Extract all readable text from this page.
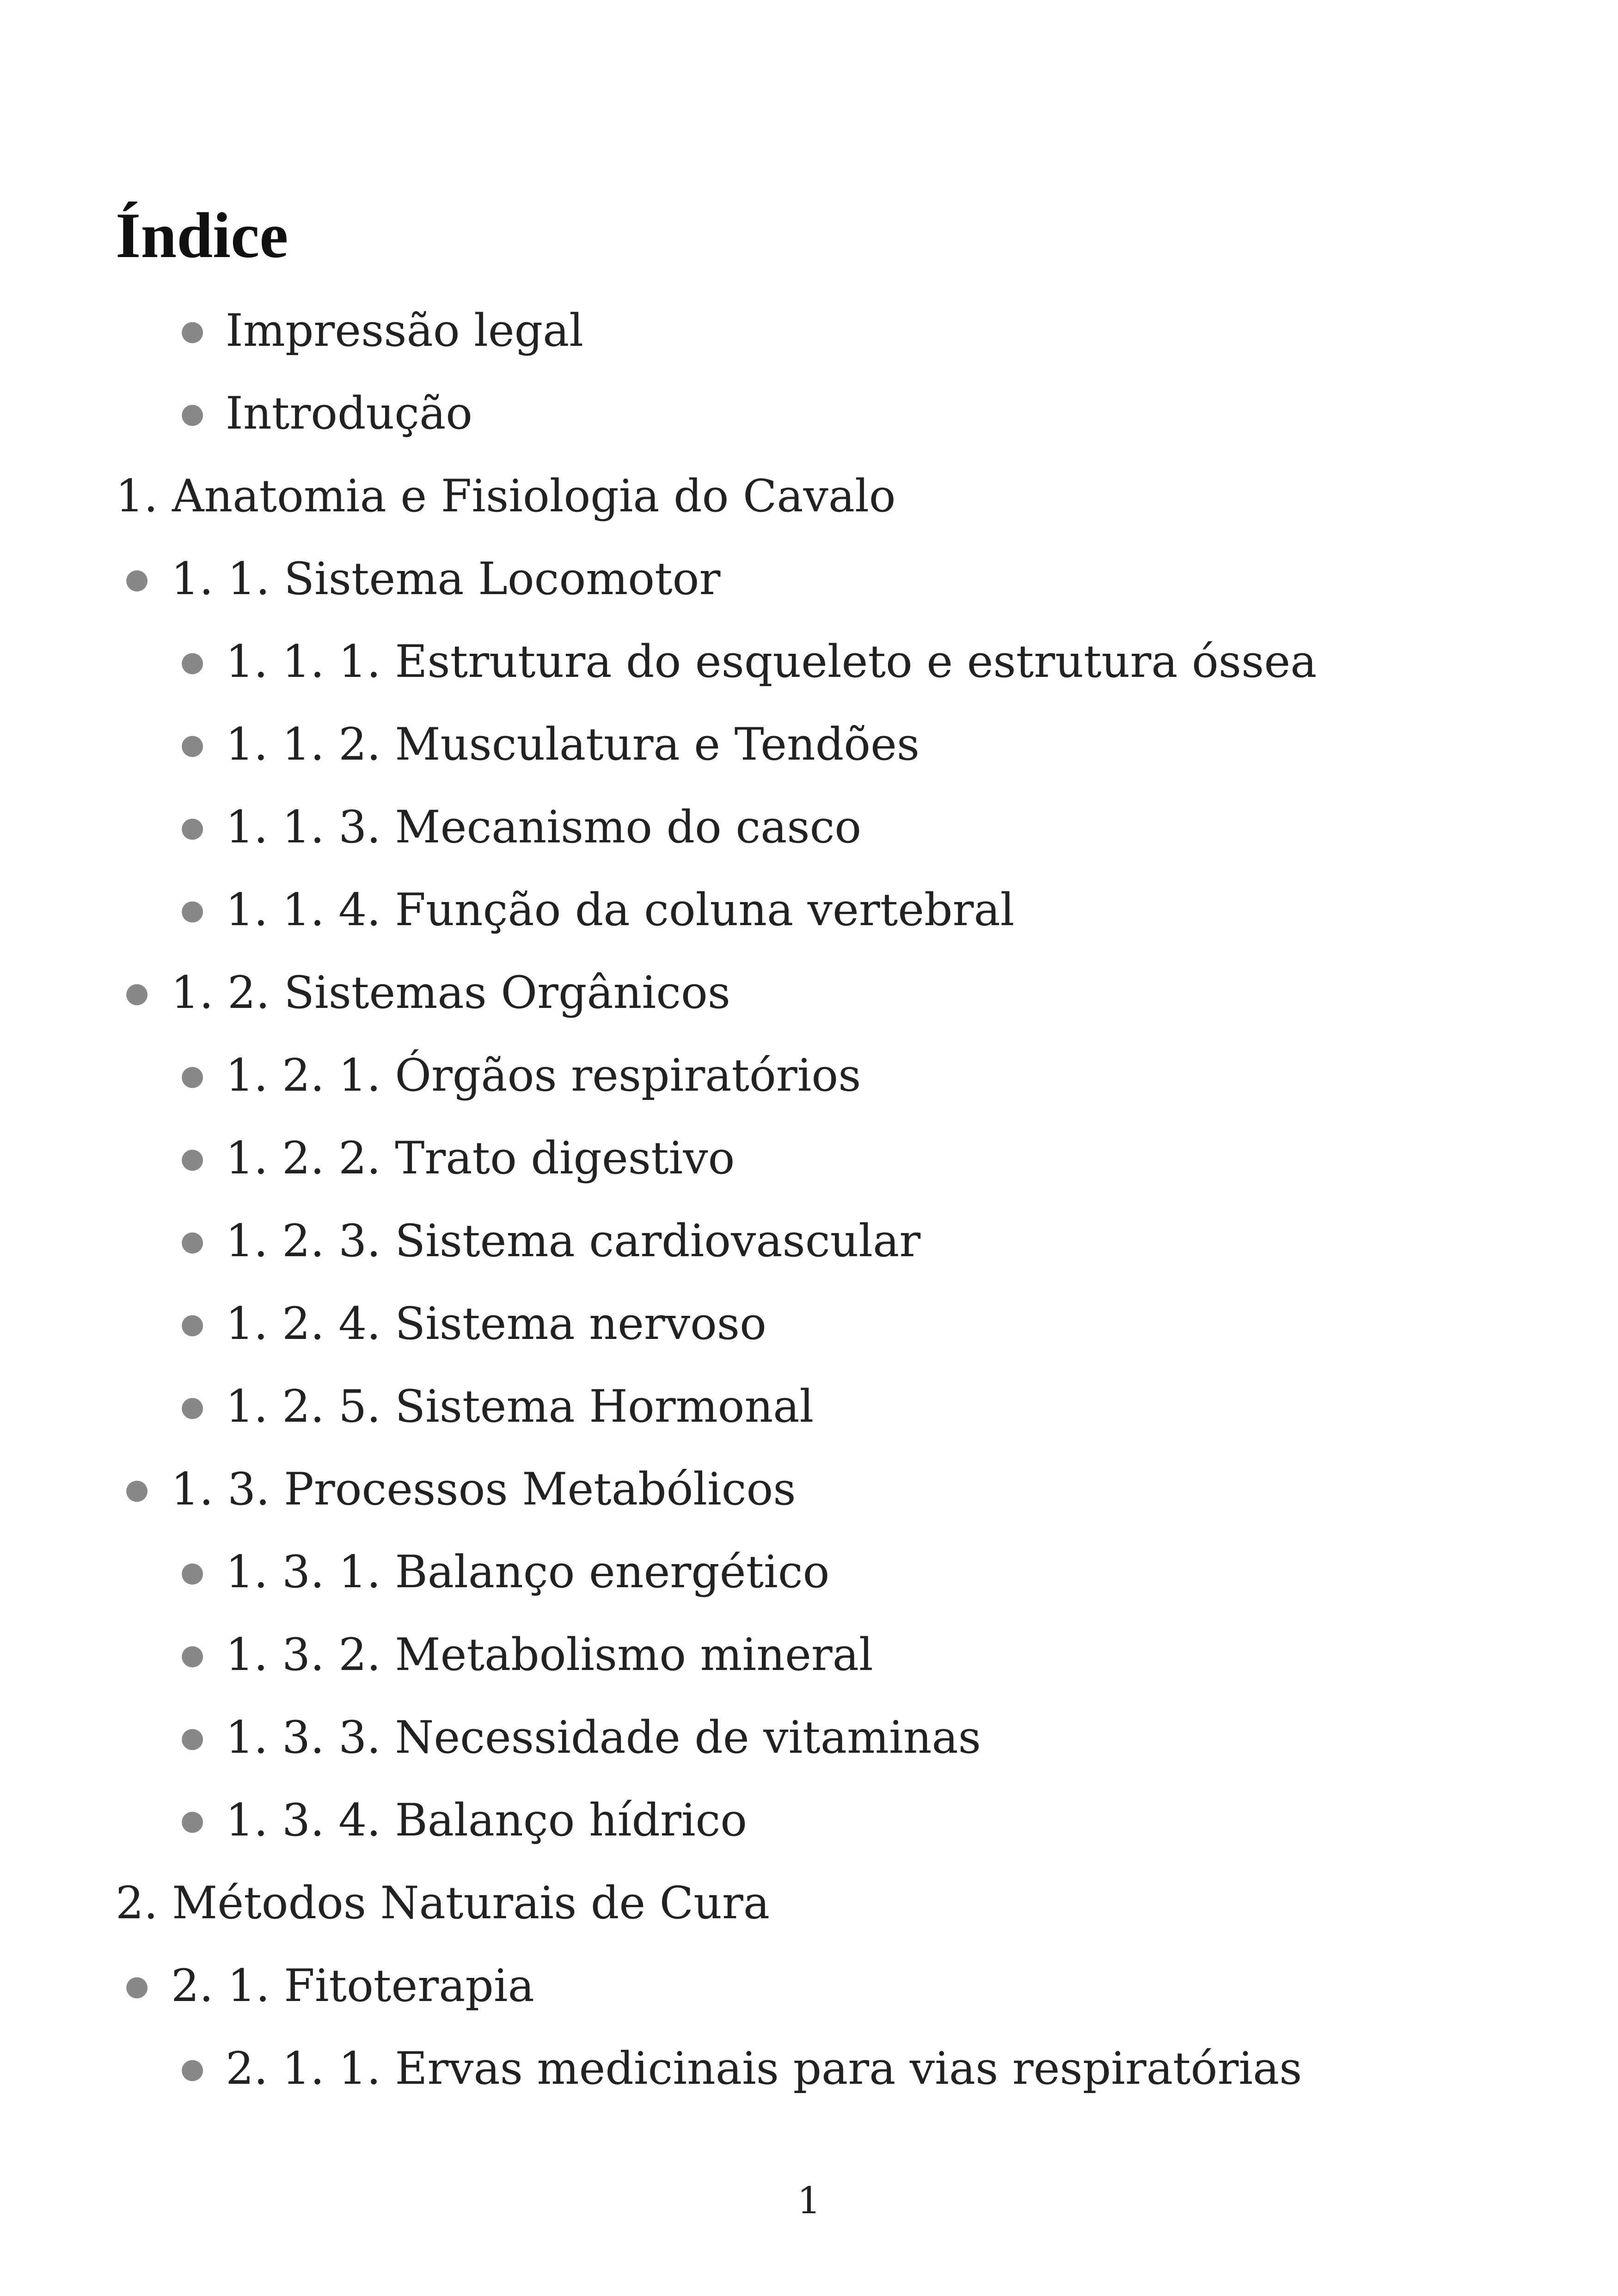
Índice
● Impressão legal
● Introdução
1. Anatomia e Fisiologia do Cavalo
● 1. 1. Sistema Locomotor
● 1. 1. 1. Estrutura do esqueleto e estrutura óssea
● 1. 1. 2. Musculatura e Tendões
● 1. 1. 3. Mecanismo do casco
● 1. 1. 4. Função da coluna vertebral
● 1. 2. Sistemas Orgânicos
● 1. 2. 1. Órgãos respiratórios
● 1. 2. 2. Trato digestivo
● 1. 2. 3. Sistema cardiovascular
● 1. 2. 4. Sistema nervoso
● 1. 2. 5. Sistema Hormonal
● 1. 3. Processos Metabólicos
● 1. 3. 1. Balanço energético
● 1. 3. 2. Metabolismo mineral
● 1. 3. 3. Necessidade de vitaminas
● 1. 3. 4. Balanço hídrico
2. Métodos Naturais de Cura
● 2. 1. Fitoterapia
● 2. 1. 1. Ervas medicinais para vias respiratórias
1
